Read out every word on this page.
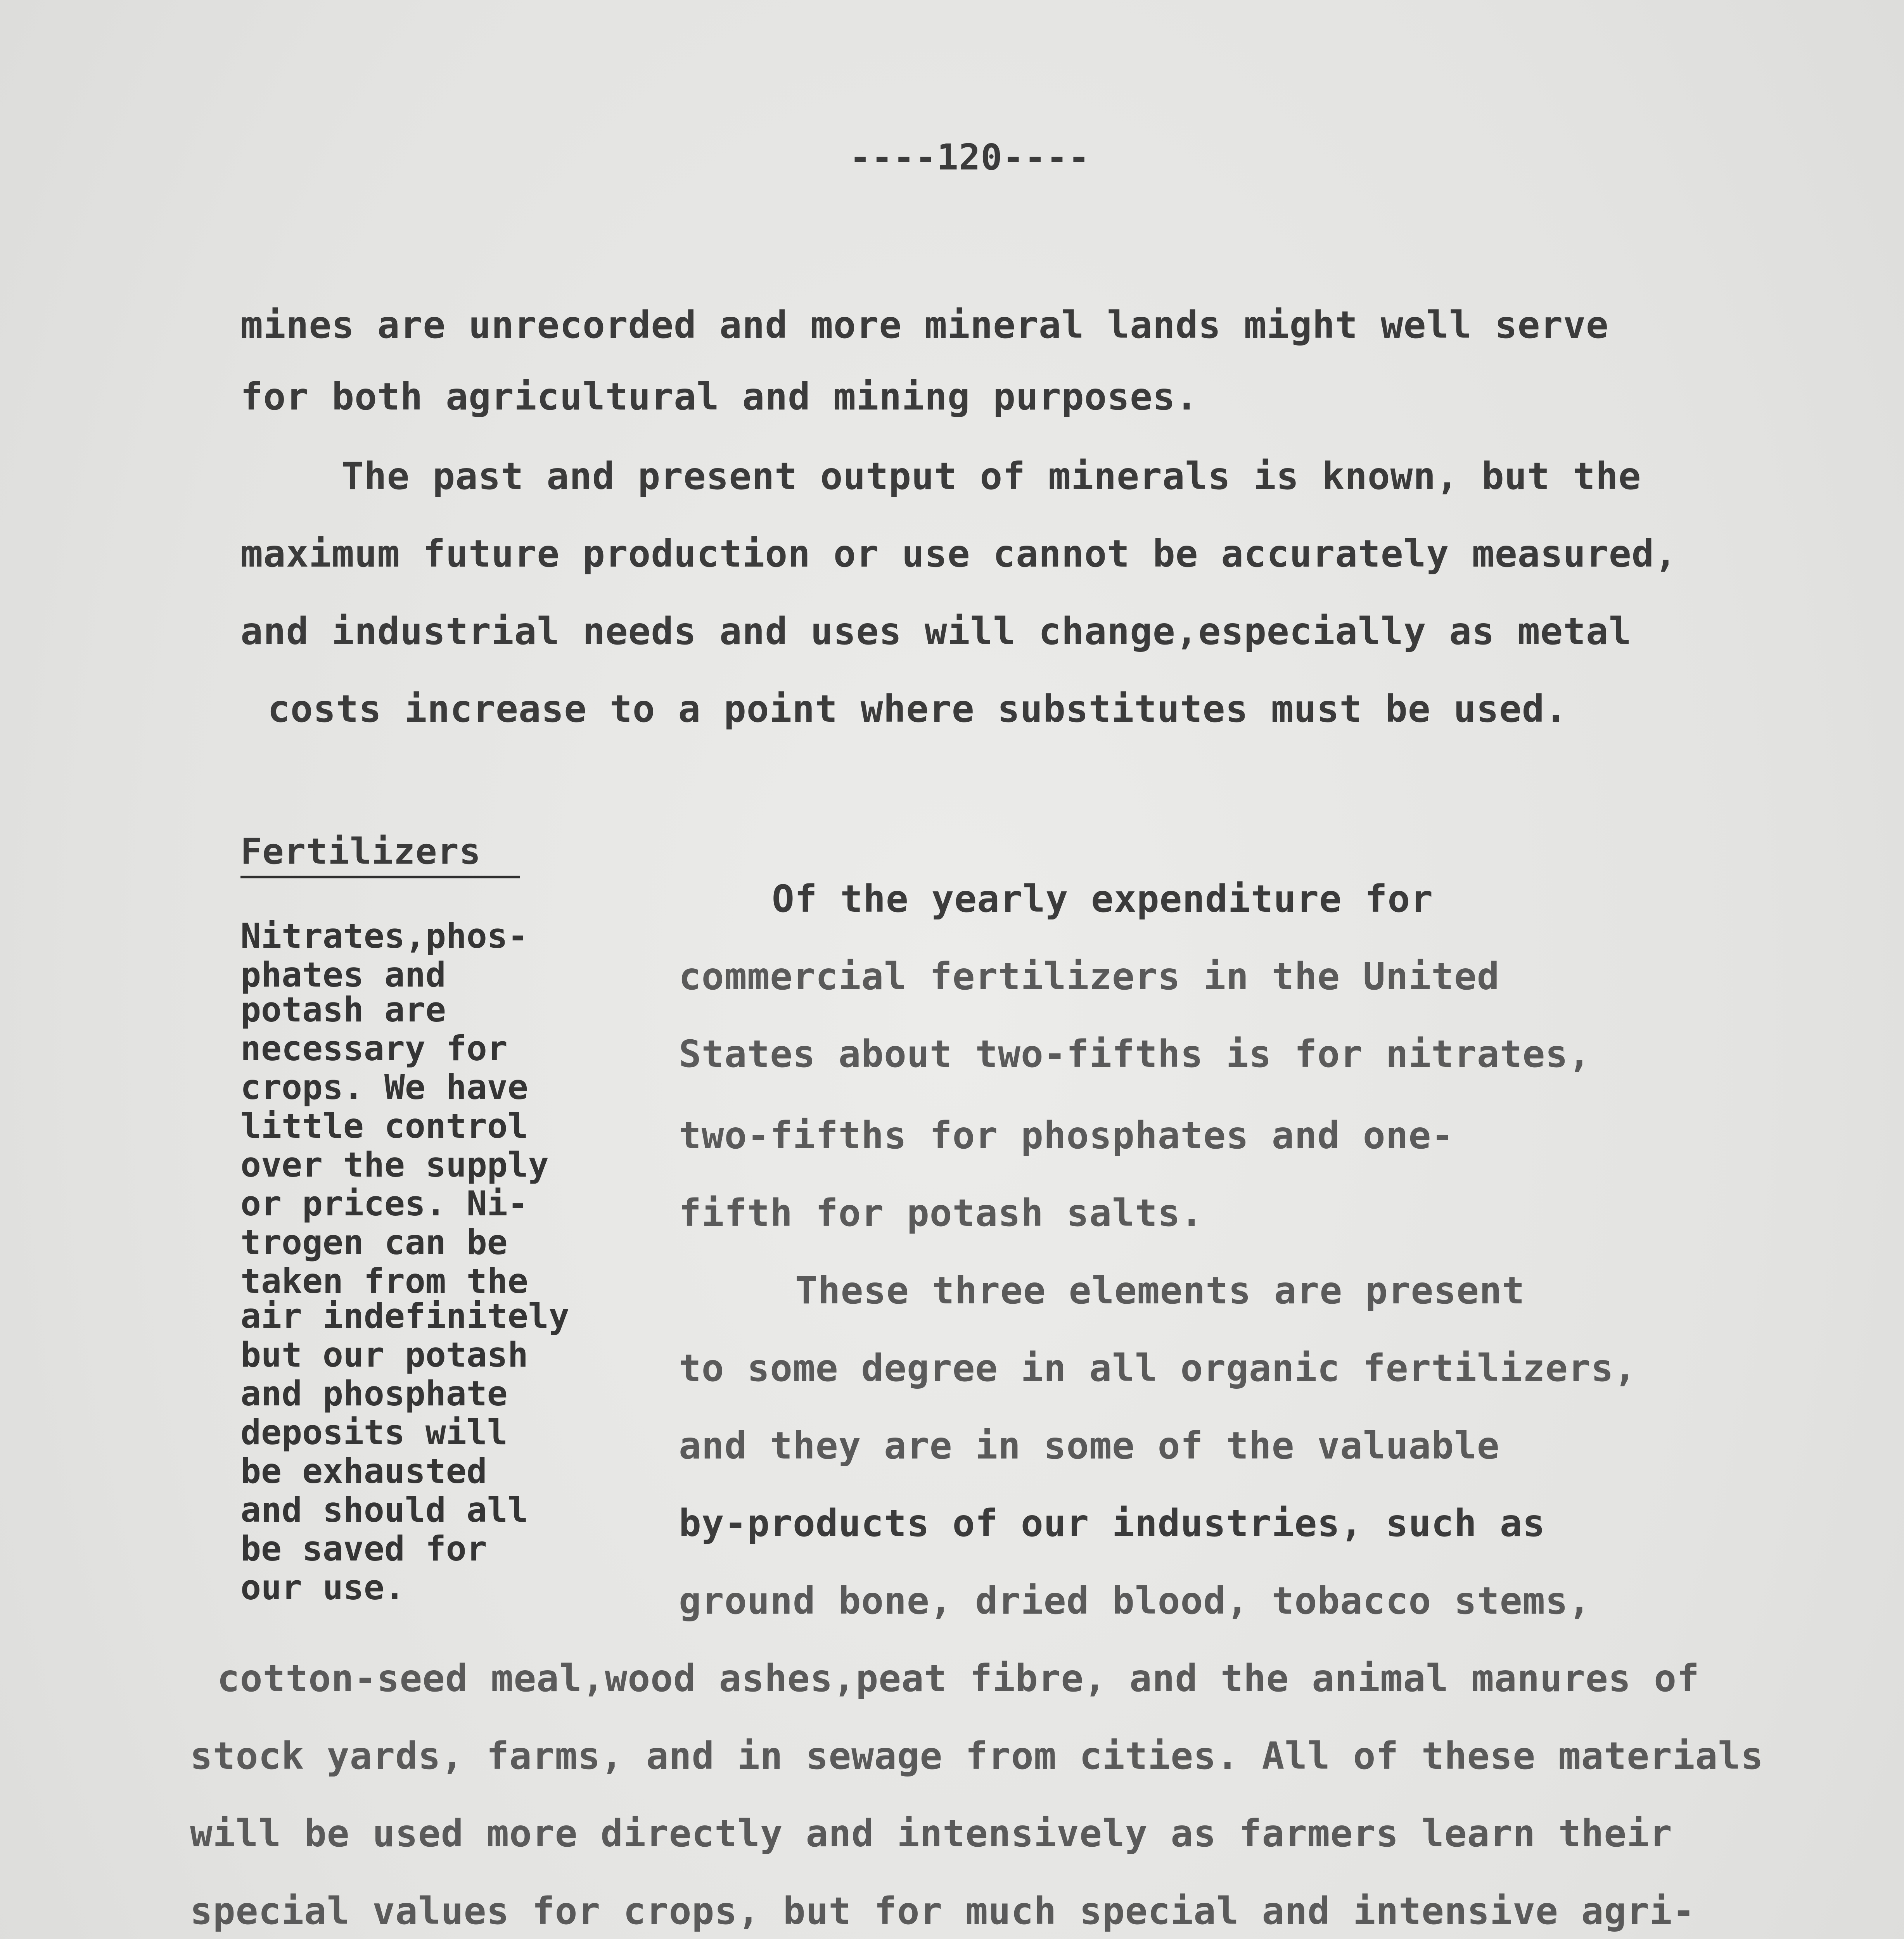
----120----
mines are unrecorded and more mineral lands might well serve
for both agricultural and mining purposes.
The past and present output of minerals is known, but the
maximum future production or use cannot be accurately measured,
and industrial needs and uses will change,especially as metal
costs increase to a point where substitutes must be used.
Fertilizers
Nitrates,phos-
phates and
potash are
necessary for
crops. We have
little control
over the supply
or prices. Ni-
trogen can be
taken from the
air indefinitely
but our potash
and phosphate
deposits will
be exhausted
and should all
be saved for
our use.
Of the yearly expenditure for
commercial fertilizers in the United
States about two-fifths is for nitrates,
two-fifths for phosphates and one-
fifth for potash salts.
These three elements are present
to some degree in all organic fertilizers,
and they are in some of the valuable
by-products of our industries, such as
ground bone, dried blood, tobacco stems,
cotton-seed meal,wood ashes,peat fibre, and the animal manures of
stock yards, farms, and in sewage from cities. All of these materials
will be used more directly and intensively as farmers learn their
special values for crops, but for much special and intensive agri-
